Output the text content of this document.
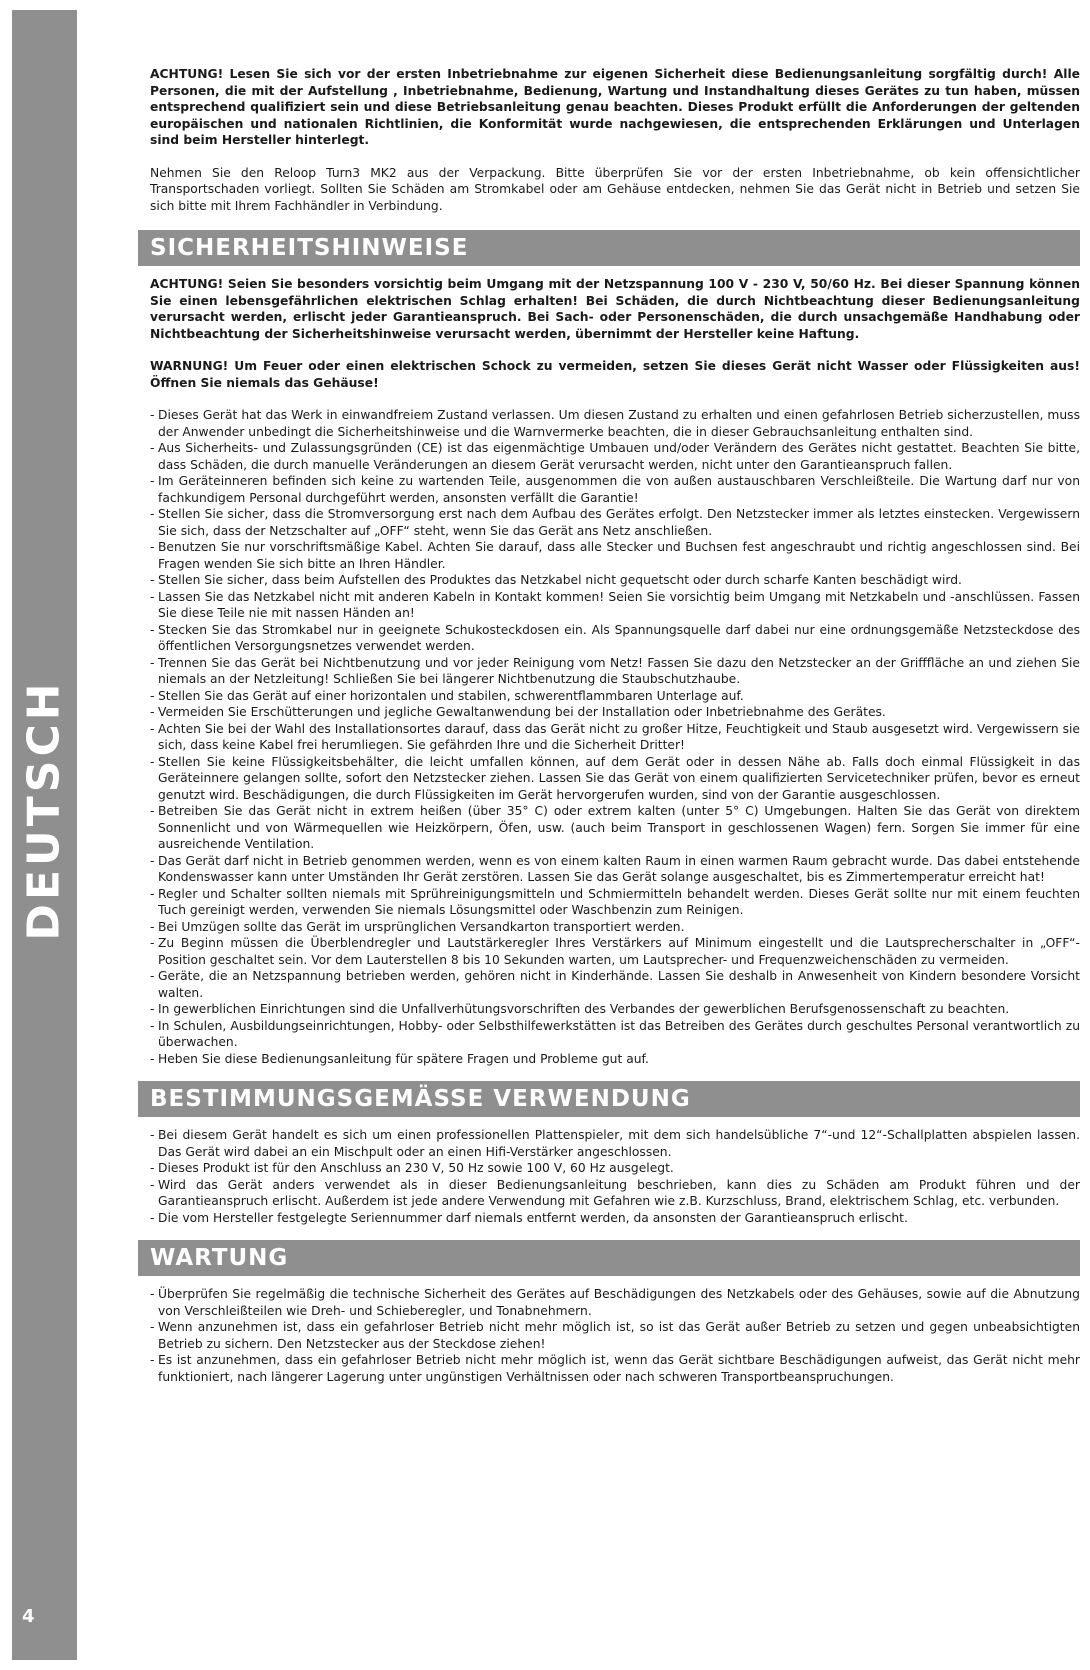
DEUTSCH
4

ACHTUNG! Lesen Sie sich vor der ersten Inbetriebnahme zur eigenen Sicherheit diese Bedienungsanleitung sorgfältig durch! Alle Personen, die mit der Aufstellung , Inbetriebnahme, Bedienung, Wartung und Instandhaltung dieses Gerätes zu tun haben, müssen entsprechend qualifiziert sein und diese Betriebsanleitung genau beachten. Dieses Produkt erfüllt die Anforderungen der geltenden europäischen und nationalen Richtlinien, die Konformität wurde nachgewiesen, die entsprechenden Erklärungen und Unterlagen sind beim Hersteller hinterlegt.

Nehmen Sie den Reloop Turn3 MK2 aus der Verpackung. Bitte überprüfen Sie vor der ersten Inbetriebnahme, ob kein offensichtlicher Transportschaden vorliegt. Sollten Sie Schäden am Stromkabel oder am Gehäuse entdecken, nehmen Sie das Gerät nicht in Betrieb und setzen Sie sich bitte mit Ihrem Fachhändler in Verbindung.

SICHERHEITSHINWEISE

ACHTUNG! Seien Sie besonders vorsichtig beim Umgang mit der Netzspannung 100 V - 230 V, 50/60 Hz. Bei dieser Spannung können Sie einen lebensgefährlichen elektrischen Schlag erhalten! Bei Schäden, die durch Nichtbeachtung dieser Bedienungsanleitung verursacht werden, erlischt jeder Garantieanspruch. Bei Sach- oder Personenschäden, die durch unsachgemäße Handhabung oder Nichtbeachtung der Sicherheitshinweise verursacht werden, übernimmt der Hersteller keine Haftung.

WARNUNG! Um Feuer oder einen elektrischen Schock zu vermeiden, setzen Sie dieses Gerät nicht Wasser oder Flüssigkeiten aus! Öffnen Sie niemals das Gehäuse!

- Dieses Gerät hat das Werk in einwandfreiem Zustand verlassen. Um diesen Zustand zu erhalten und einen gefahrlosen Betrieb sicherzustellen, muss der Anwender unbedingt die Sicherheitshinweise und die Warnvermerke beachten, die in dieser Gebrauchsanleitung enthalten sind.
- Aus Sicherheits- und Zulassungsgründen (CE) ist das eigenmächtige Umbauen und/oder Verändern des Gerätes nicht gestattet. Beachten Sie bitte, dass Schäden, die durch manuelle Veränderungen an diesem Gerät verursacht werden, nicht unter den Garantieanspruch fallen.
- Im Geräteinneren befinden sich keine zu wartenden Teile, ausgenommen die von außen austauschbaren Verschleißteile. Die Wartung darf nur von fachkundigem Personal durchgeführt werden, ansonsten verfällt die Garantie!
- Stellen Sie sicher, dass die Stromversorgung erst nach dem Aufbau des Gerätes erfolgt. Den Netzstecker immer als letztes einstecken. Vergewissern Sie sich, dass der Netzschalter auf „OFF“ steht, wenn Sie das Gerät ans Netz anschließen.
- Benutzen Sie nur vorschriftsmäßige Kabel. Achten Sie darauf, dass alle Stecker und Buchsen fest angeschraubt und richtig angeschlossen sind. Bei Fragen wenden Sie sich bitte an Ihren Händler.
- Stellen Sie sicher, dass beim Aufstellen des Produktes das Netzkabel nicht gequetscht oder durch scharfe Kanten beschädigt wird.
- Lassen Sie das Netzkabel nicht mit anderen Kabeln in Kontakt kommen! Seien Sie vorsichtig beim Umgang mit Netzkabeln und -anschlüssen. Fassen Sie diese Teile nie mit nassen Händen an!
- Stecken Sie das Stromkabel nur in geeignete Schukosteckdosen ein. Als Spannungsquelle darf dabei nur eine ordnungsgemäße Netzsteckdose des öffentlichen Versorgungsnetzes verwendet werden.
- Trennen Sie das Gerät bei Nichtbenutzung und vor jeder Reinigung vom Netz! Fassen Sie dazu den Netzstecker an der Grifffläche an und ziehen Sie niemals an der Netzleitung! Schließen Sie bei längerer Nichtbenutzung die Staubschutzhaube.
- Stellen Sie das Gerät auf einer horizontalen und stabilen, schwerentflammbaren Unterlage auf.
- Vermeiden Sie Erschütterungen und jegliche Gewaltanwendung bei der Installation oder Inbetriebnahme des Gerätes.
- Achten Sie bei der Wahl des Installationsortes darauf, dass das Gerät nicht zu großer Hitze, Feuchtigkeit und Staub ausgesetzt wird. Vergewissern sie sich, dass keine Kabel frei herumliegen. Sie gefährden Ihre und die Sicherheit Dritter!
- Stellen Sie keine Flüssigkeitsbehälter, die leicht umfallen können, auf dem Gerät oder in dessen Nähe ab. Falls doch einmal Flüssigkeit in das Geräteinnere gelangen sollte, sofort den Netzstecker ziehen. Lassen Sie das Gerät von einem qualifizierten Servicetechniker prüfen, bevor es erneut genutzt wird. Beschädigungen, die durch Flüssigkeiten im Gerät hervorgerufen wurden, sind von der Garantie ausgeschlossen.
- Betreiben Sie das Gerät nicht in extrem heißen (über 35° C) oder extrem kalten (unter 5° C) Umgebungen. Halten Sie das Gerät von direktem Sonnenlicht und von Wärmequellen wie Heizkörpern, Öfen, usw. (auch beim Transport in geschlossenen Wagen) fern. Sorgen Sie immer für eine ausreichende Ventilation.
- Das Gerät darf nicht in Betrieb genommen werden, wenn es von einem kalten Raum in einen warmen Raum gebracht wurde. Das dabei entstehende Kondenswasser kann unter Umständen Ihr Gerät zerstören. Lassen Sie das Gerät solange ausgeschaltet, bis es Zimmertemperatur erreicht hat!
- Regler und Schalter sollten niemals mit Sprühreinigungsmitteln und Schmiermitteln behandelt werden. Dieses Gerät sollte nur mit einem feuchten Tuch gereinigt werden, verwenden Sie niemals Lösungsmittel oder Waschbenzin zum Reinigen.
- Bei Umzügen sollte das Gerät im ursprünglichen Versandkarton transportiert werden.
- Zu Beginn müssen die Überblendregler und Lautstärkeregler Ihres Verstärkers auf Minimum eingestellt und die Lautsprecherschalter in „OFF“-Position geschaltet sein. Vor dem Lauterstellen 8 bis 10 Sekunden warten, um Lautsprecher- und Frequenzweichenschäden zu vermeiden.
- Geräte, die an Netzspannung betrieben werden, gehören nicht in Kinderhände. Lassen Sie deshalb in Anwesenheit von Kindern besondere Vorsicht walten.
- In gewerblichen Einrichtungen sind die Unfallverhütungsvorschriften des Verbandes der gewerblichen Berufsgenossenschaft zu beachten.
- In Schulen, Ausbildungseinrichtungen, Hobby- oder Selbsthilfewerkstätten ist das Betreiben des Gerätes durch geschultes Personal verantwortlich zu überwachen.
- Heben Sie diese Bedienungsanleitung für spätere Fragen und Probleme gut auf.
BESTIMMUNGSGEMÄSSE VERWENDUNG
- Bei diesem Gerät handelt es sich um einen professionellen Plattenspieler, mit dem sich handelsübliche 7“-und 12“-Schallplatten abspielen lassen. Das Gerät wird dabei an ein Mischpult oder an einen Hifi-Verstärker angeschlossen.
- Dieses Produkt ist für den Anschluss an 230 V, 50 Hz sowie 100 V, 60 Hz ausgelegt.
- Wird das Gerät anders verwendet als in dieser Bedienungsanleitung beschrieben, kann dies zu Schäden am Produkt führen und der Garantieanspruch erlischt. Außerdem ist jede andere Verwendung mit Gefahren wie z.B. Kurzschluss, Brand, elektrischem Schlag, etc. verbunden.
- Die vom Hersteller festgelegte Seriennummer darf niemals entfernt werden, da ansonsten der Garantieanspruch erlischt.
WARTUNG
- Überprüfen Sie regelmäßig die technische Sicherheit des Gerätes auf Beschädigungen des Netzkabels oder des Gehäuses, sowie auf die Abnutzung von Verschleißteilen wie Dreh- und Schieberegler, und Tonabnehmern.
- Wenn anzunehmen ist, dass ein gefahrloser Betrieb nicht mehr möglich ist, so ist das Gerät außer Betrieb zu setzen und gegen unbeabsichtigten Betrieb zu sichern. Den Netzstecker aus der Steckdose ziehen!
- Es ist anzunehmen, dass ein gefahrloser Betrieb nicht mehr möglich ist, wenn das Gerät sichtbare Beschädigungen aufweist, das Gerät nicht mehr funktioniert, nach längerer Lagerung unter ungünstigen Verhältnissen oder nach schweren Transportbeanspruchungen.
